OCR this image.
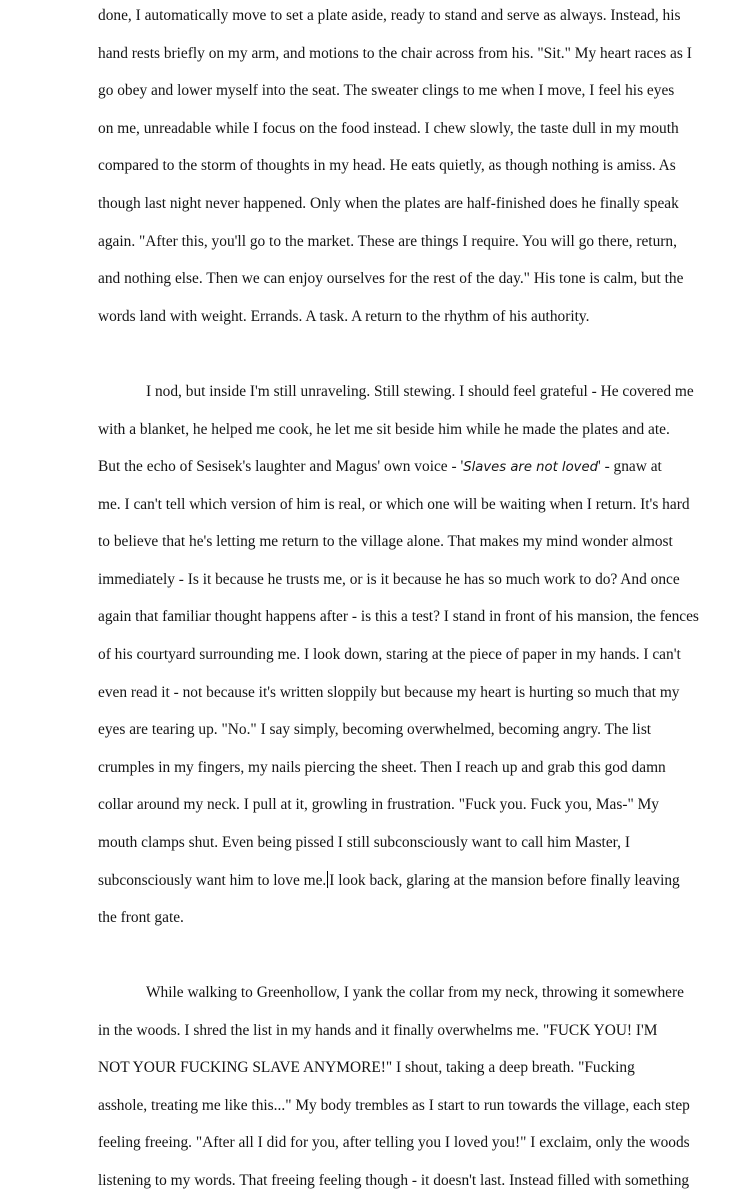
done, I automatically move to set a plate aside, ready to stand and serve as always. Instead, his

hand rests briefly on my arm, and motions to the chair across from his. "Sit." My heart races as I

go obey and lower myself into the seat. The sweater clings to me when I move, I feel his eyes

on me, unreadable while I focus on the food instead. I chew slowly, the taste dull in my mouth

compared to the storm of thoughts in my head. He eats quietly, as though nothing is amiss. As

though last night never happened. Only when the plates are half-finished does he finally speak

again. "After this, you'll go to the market. These are things I require. You will go there, return,

and nothing else. Then we can enjoy ourselves for the rest of the day." His tone is calm, but the

words land with weight. Errands. A task. A return to the rhythm of his authority.

I nod, but inside I'm still unraveling. Still stewing. I should feel grateful - He covered me

with a blanket, he helped me cook, he let me sit beside him while he made the plates and ate.

But the echo of Sesisek's laughter and Magus' own voice - 'Slaves are not loved' - gnaw at

me. I can't tell which version of him is real, or which one will be waiting when I return. It's hard

to believe that he's letting me return to the village alone. That makes my mind wonder almost

immediately - Is it because he trusts me, or is it because he has so much work to do? And once

again that familiar thought happens after - is this a test? I stand in front of his mansion, the fences

of his courtyard surrounding me. I look down, staring at the piece of paper in my hands. I can't

even read it - not because it's written sloppily but because my heart is hurting so much that my

eyes are tearing up. "No." I say simply, becoming overwhelmed, becoming angry. The list

crumples in my fingers, my nails piercing the sheet. Then I reach up and grab this god damn

collar around my neck. I pull at it, growling in frustration. "Fuck you. Fuck you, Mas-" My

mouth clamps shut. Even being pissed I still subconsciously want to call him Master, I

subconsciously want him to love me. I look back, glaring at the mansion before finally leaving

the front gate.

While walking to Greenhollow, I yank the collar from my neck, throwing it somewhere

in the woods. I shred the list in my hands and it finally overwhelms me. "FUCK YOU! I'M

NOT YOUR FUCKING SLAVE ANYMORE!" I shout, taking a deep breath. "Fucking

asshole, treating me like this..." My body trembles as I start to run towards the village, each step

feeling freeing. "After all I did for you, after telling you I loved you!" I exclaim, only the woods

listening to my words. That freeing feeling though - it doesn't last. Instead filled with something
